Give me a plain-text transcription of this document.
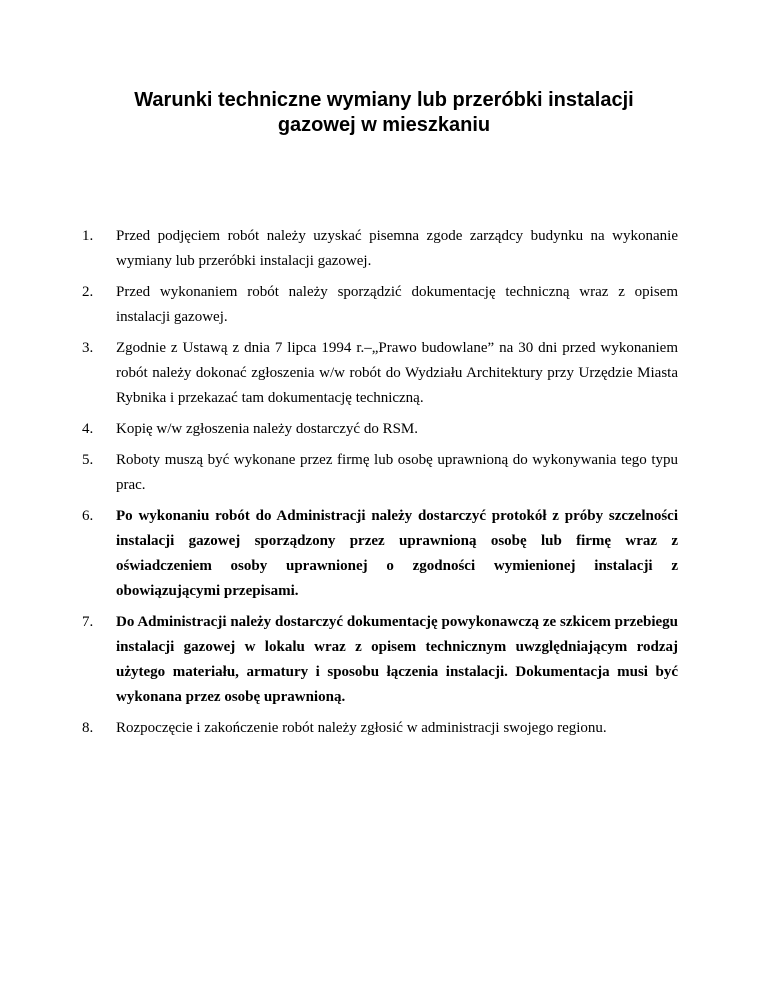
Warunki techniczne wymiany lub przeróbki instalacji
gazowej w mieszkaniu
1.	Przed podjęciem robót należy uzyskać pisemna zgode zarządcy budynku na wykonanie wymiany lub przeróbki instalacji gazowej.
2.	Przed wykonaniem robót należy sporządzić dokumentację techniczną wraz z opisem instalacji gazowej.
3.	Zgodnie z Ustawą z dnia 7 lipca 1994 r.–„Prawo budowlane” na 30 dni przed wykonaniem robót należy dokonać zgłoszenia w/w robót do Wydziału Architektury przy Urzędzie Miasta Rybnika i przekazać tam dokumentację techniczną.
4.	Kopię w/w zgłoszenia należy dostarczyć do RSM.
5.	Roboty muszą być wykonane przez firmę lub osobę uprawnioną do wykonywania tego typu prac.
6.	Po wykonaniu robót do Administracji należy dostarczyć protokół z próby szczelności instalacji gazowej sporządzony przez uprawnioną osobę lub firmę wraz z oświadczeniem osoby uprawnionej o zgodności wymienionej instalacji z obowiązującymi przepisami.
7.	Do Administracji należy dostarczyć dokumentację powykonawczą ze szkicem przebiegu instalacji gazowej w lokalu wraz z opisem technicznym uwzględniającym rodzaj użytego materiału, armatury i sposobu łączenia instalacji. Dokumentacja musi być wykonana przez osobę uprawnioną.
8.	Rozpoczęcie i zakończenie robót należy zgłosić w administracji swojego regionu.
